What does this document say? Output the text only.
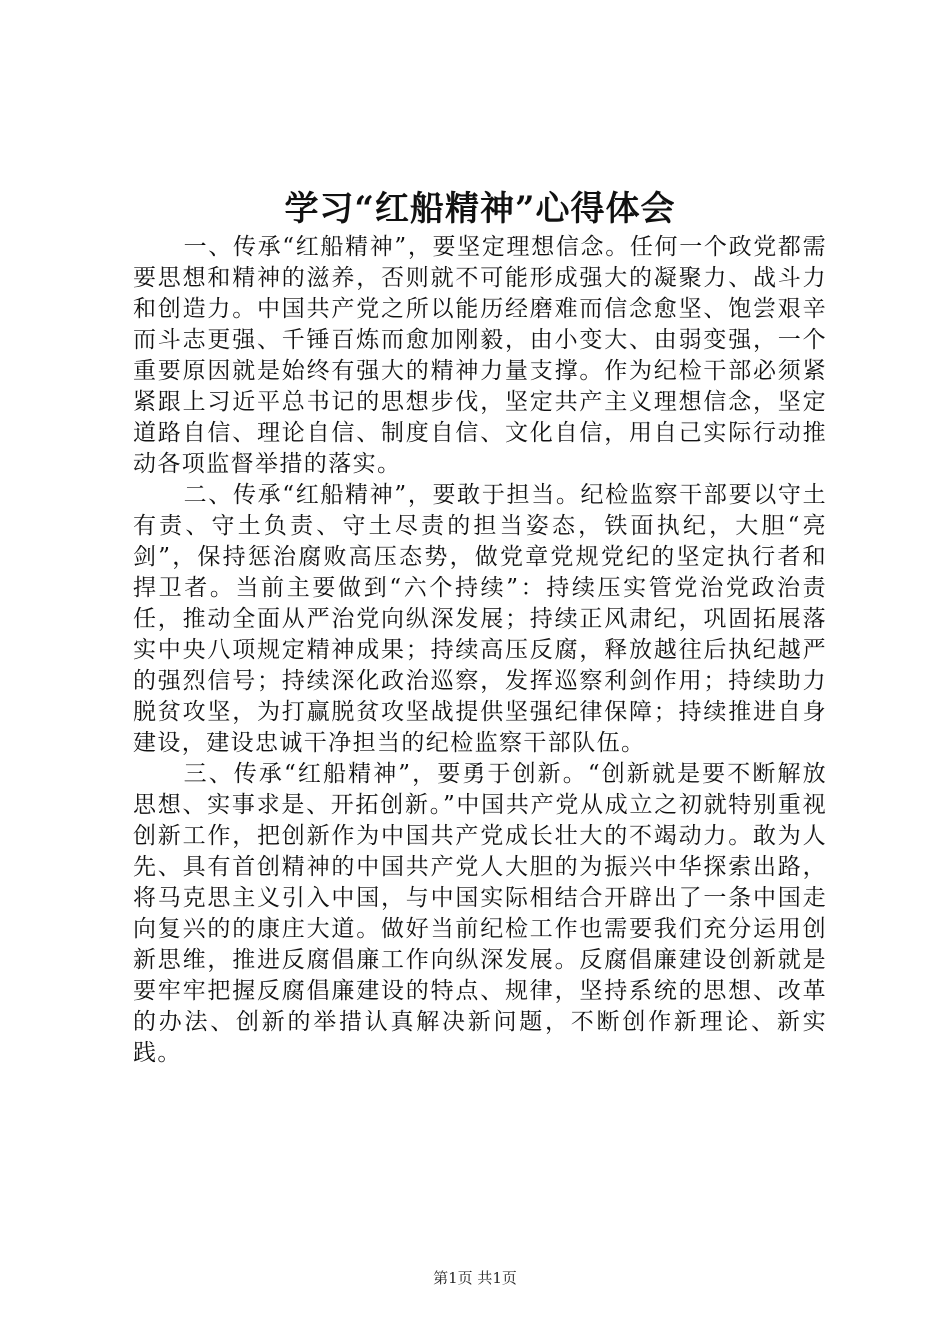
学习“红船精神”心得体会

一、传承“红船精神”，要坚定理想信念。任何一个政党都需要思想和精神的滋养，否则就不可能形成强大的凝聚力、战斗力和创造力。中国共产党之所以能历经磨难而信念愈坚、饱尝艰辛而斗志更强、千锤百炼而愈加刚毅，由小变大、由弱变强，一个重要原因就是始终有强大的精神力量支撑。作为纪检干部必须紧紧跟上习近平总书记的思想步伐，坚定共产主义理想信念，坚定道路自信、理论自信、制度自信、文化自信，用自己实际行动推动各项监督举措的落实。

二、传承“红船精神”，要敢于担当。纪检监察干部要以守土有责、守土负责、守土尽责的担当姿态，铁面执纪，大胆“亮剑”，保持惩治腐败高压态势，做党章党规党纪的坚定执行者和捍卫者。当前主要做到“六个持续”：持续压实管党治党政治责任，推动全面从严治党向纵深发展；持续正风肃纪，巩固拓展落实中央八项规定精神成果；持续高压反腐，释放越往后执纪越严的强烈信号；持续深化政治巡察，发挥巡察利剑作用；持续助力脱贫攻坚，为打赢脱贫攻坚战提供坚强纪律保障；持续推进自身建设，建设忠诚干净担当的纪检监察干部队伍。

三、传承“红船精神”，要勇于创新。“创新就是要不断解放思想、实事求是、开拓创新。”中国共产党从成立之初就特别重视创新工作，把创新作为中国共产党成长壮大的不竭动力。敢为人先、具有首创精神的中国共产党人大胆的为振兴中华探索出路，将马克思主义引入中国，与中国实际相结合开辟出了一条中国走向复兴的的康庄大道。做好当前纪检工作也需要我们充分运用创新思维，推进反腐倡廉工作向纵深发展。反腐倡廉建设创新就是要牢牢把握反腐倡廉建设的特点、规律，坚持系统的思想、改革的办法、创新的举措认真解决新问题，不断创作新理论、新实践。

第1页 共1页
